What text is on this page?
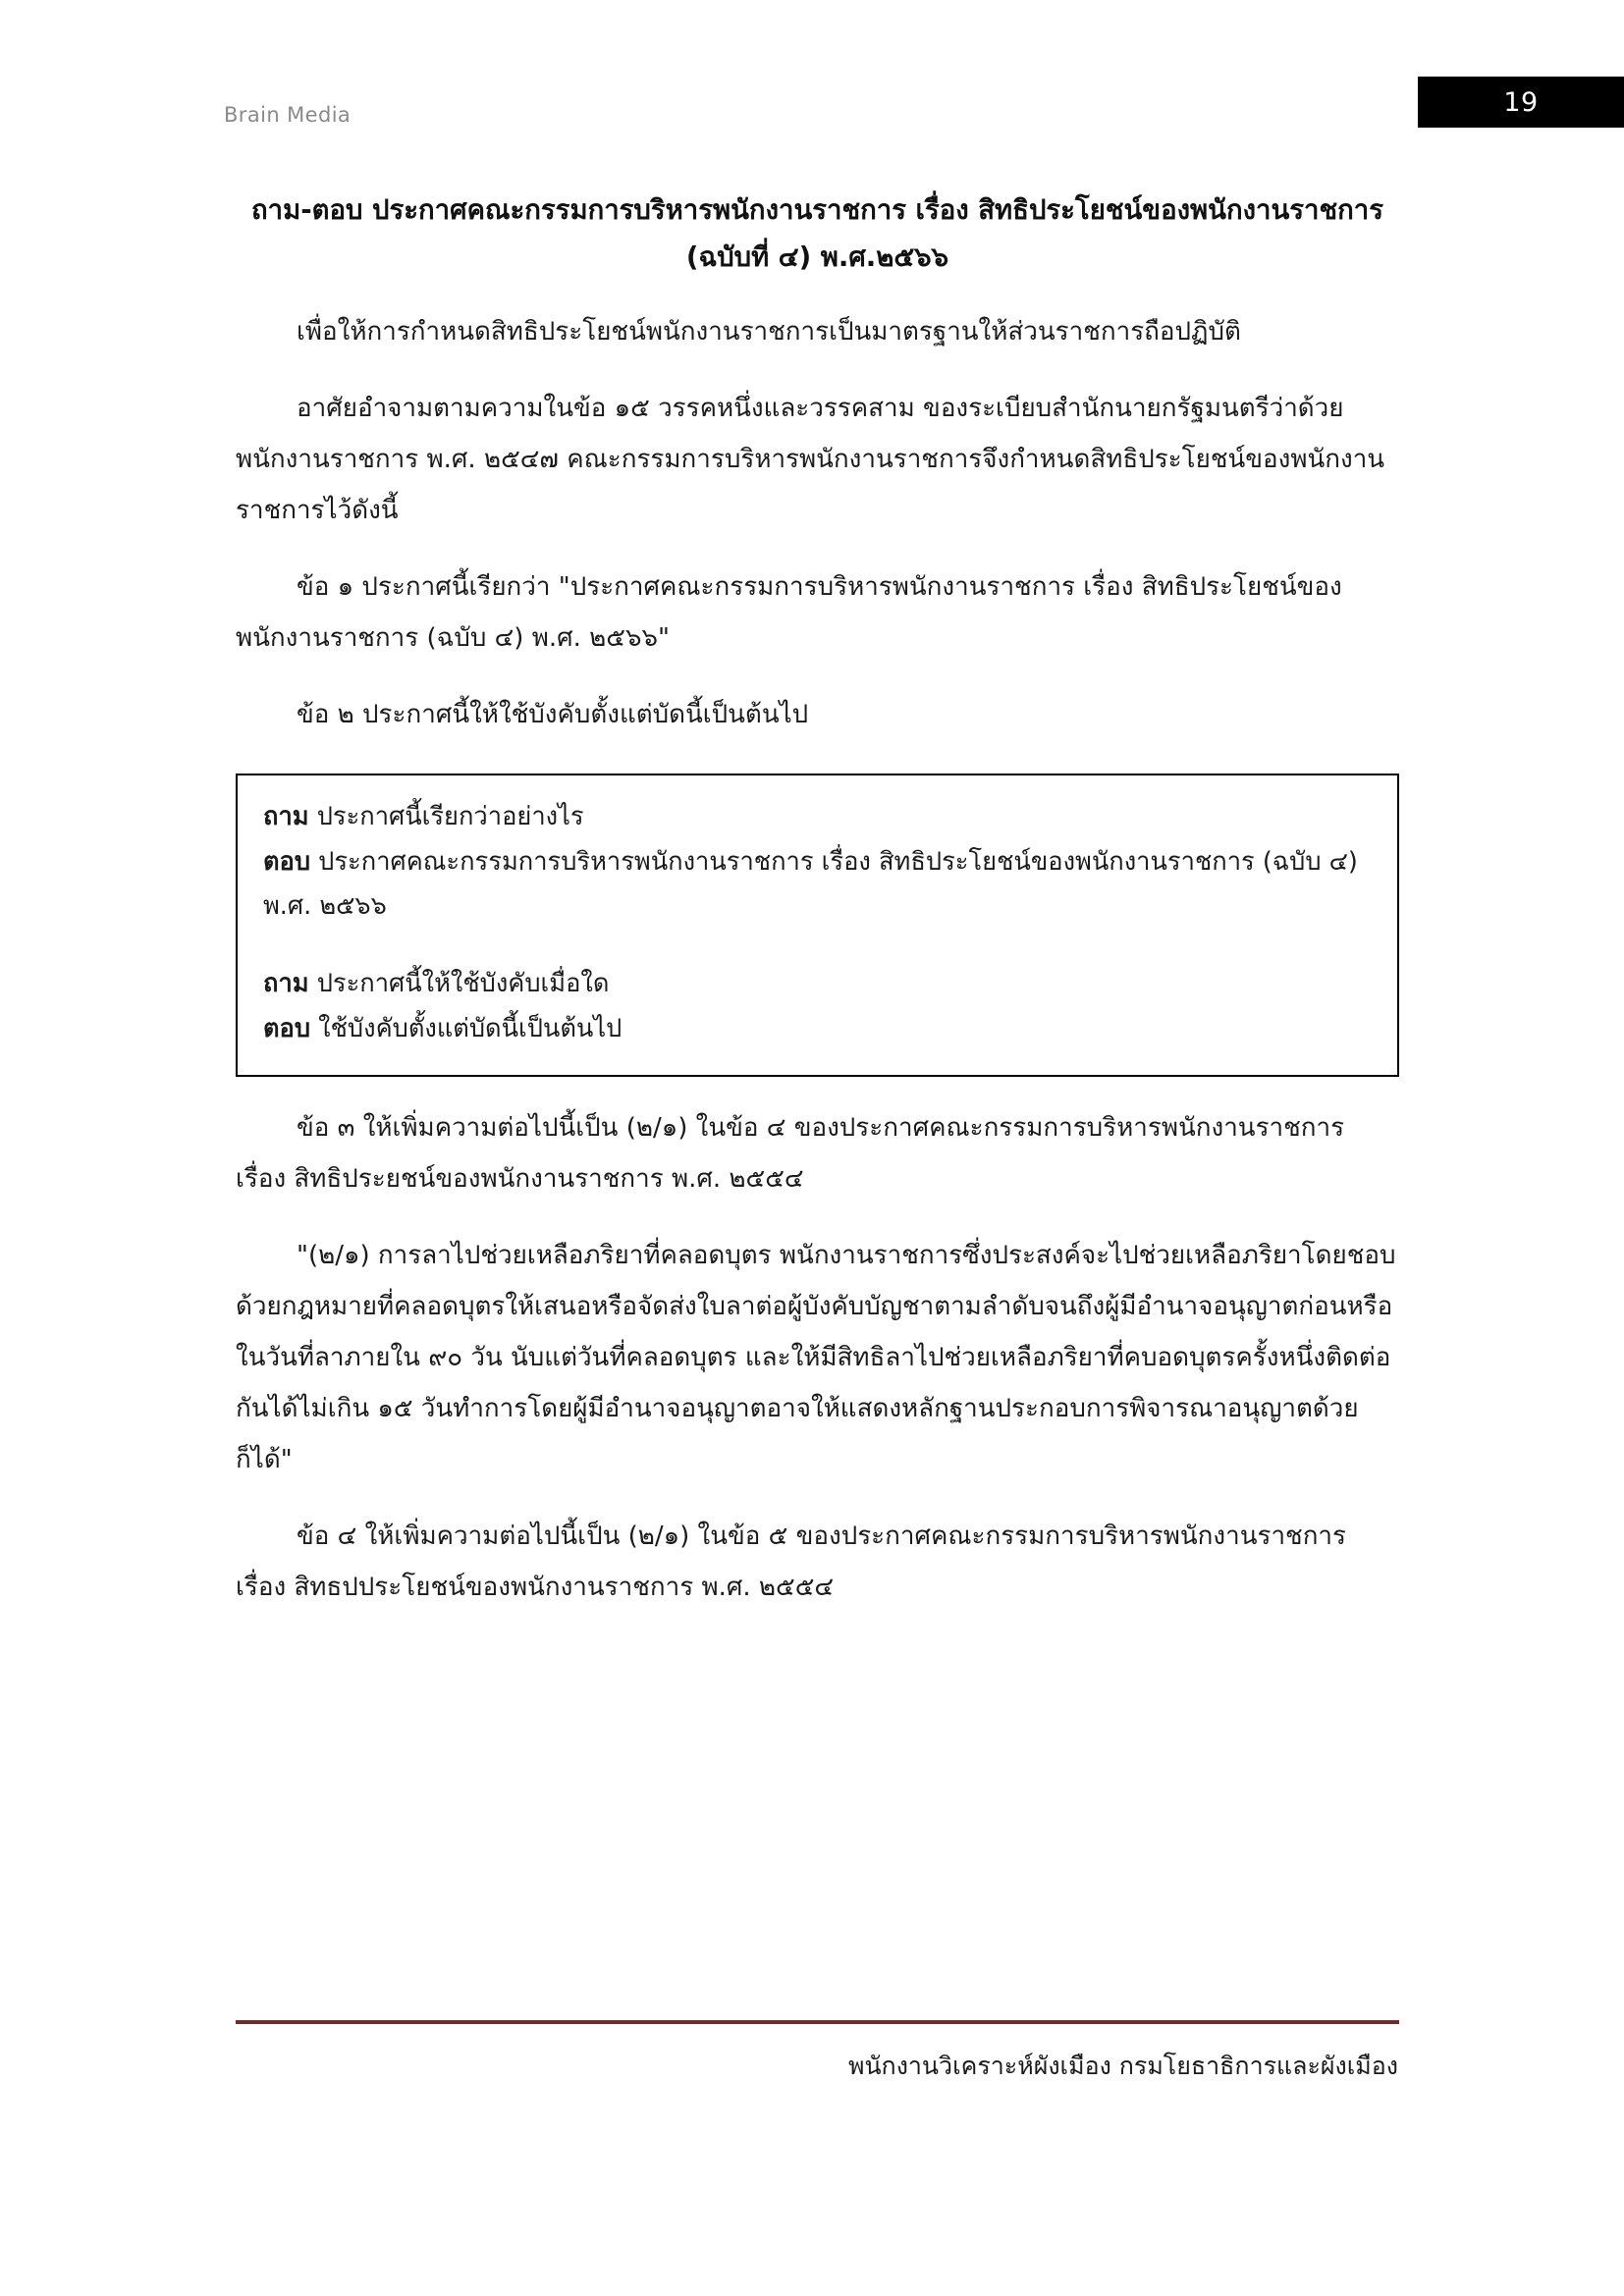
Brain Media	19
ถาม-ตอบ ประกาศคณะกรรมการบริหารพนักงานราชการ เรื่อง สิทธิประโยชน์ของพนักงานราชการ
(ฉบับที่ ๔) พ.ศ.๒๕๖๖

เพื่อให้การกำหนดสิทธิประโยชน์พนักงานราชการเป็นมาตรฐานให้ส่วนราชการถือปฏิบัติ

อาศัยอำจามตามความในข้อ ๑๕ วรรคหนึ่งและวรรคสาม ของระเบียบสำนักนายกรัฐมนตรีว่าด้วยพนักงานราชการ พ.ศ. ๒๕๔๗ คณะกรรมการบริหารพนักงานราชการจึงกำหนดสิทธิประโยชน์ของพนักงานราชการไว้ดังนี้

ข้อ ๑ ประกาศนี้เรียกว่า "ประกาศคณะกรรมการบริหารพนักงานราชการ เรื่อง สิทธิประโยชน์ของพนักงานราชการ (ฉบับ ๔) พ.ศ. ๒๕๖๖"

ข้อ ๒ ประกาศนี้ให้ใช้บังคับตั้งแต่บัดนี้เป็นต้นไป

ถาม ประกาศนี้เรียกว่าอย่างไร

ตอบ ประกาศคณะกรรมการบริหารพนักงานราชการ เรื่อง สิทธิประโยชน์ของพนักงานราชการ (ฉบับ ๔) พ.ศ. ๒๕๖๖

ถาม ประกาศนี้ให้ใช้บังคับเมื่อใด

ตอบ ใช้บังคับตั้งแต่บัดนี้เป็นต้นไป

ข้อ ๓ ให้เพิ่มความต่อไปนี้เป็น (๒/๑) ในข้อ ๔ ของประกาศคณะกรรมการบริหารพนักงานราชการ เรื่อง สิทธิประยชน์ของพนักงานราชการ พ.ศ. ๒๕๕๔

"(๒/๑) การลาไปช่วยเหลือภริยาที่คลอดบุตร พนักงานราชการซึ่งประสงค์จะไปช่วยเหลือภริยาโดยชอบด้วยกฎหมายที่คลอดบุตรให้เสนอหรือจัดส่งใบลาต่อผู้บังคับบัญชาตามลำดับจนถึงผู้มีอำนาจอนุญาตก่อนหรือในวันที่ลาภายใน ๙๐ วัน นับแต่วันที่คลอดบุตร และให้มีสิทธิลาไปช่วยเหลือภริยาที่คบอดบุตรครั้งหนึ่งติดต่อกันได้ไม่เกิน ๑๕ วันทำการโดยผู้มีอำนาจอนุญาตอาจให้แสดงหลักฐานประกอบการพิจารณาอนุญาตด้วยก็ได้"

ข้อ ๔ ให้เพิ่มความต่อไปนี้เป็น (๒/๑) ในข้อ ๕ ของประกาศคณะกรรมการบริหารพนักงานราชการ เรื่อง สิทธปประโยชน์ของพนักงานราชการ พ.ศ. ๒๕๕๔

พนักงานวิเคราะห์ผังเมือง กรมโยธาธิการและผังเมือง
